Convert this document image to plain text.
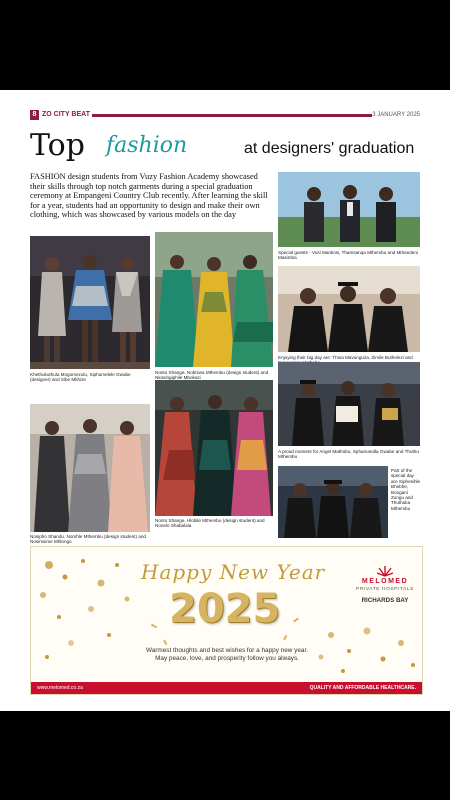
8 ZO CITY BEAT	3 JANUARY 2025
Top fashion	at designers' graduation

FASHION design students from Vuzy Fashion Academy showcased their skills through top notch garments during a special graduation ceremony at Empangeni Country Club recently. After learning the skill for a year, students had an opportunity to design and make their own clothing, which was showcased by various models on the day

Khethukuthula Mngomezulu, Siphumelele Gwabe (designer) and Sibe Mkhize

Nonto Shange, Nobizwa Mthembu (design student) and Nkosingiphile Mbokazi

Special guests - Vusi Mankosi, Thamsanqa Mthembu and Mthandeni Masimba

Enjoying their big day are: Thina Mavunguza, Zimile Buthelezi and

Nosipho Shandu, Nomhle Mthembu (design student) and Nosimsime Mhlongo

Nonto Shange, Hlobile Mthembu (design student) and Nonelo Shabalala

A proud moment for Angel Mathobo, Sphamandla Gwabe and Thuthu Mthembu

Part of the special day are Siphesihle Bhebhe, Bongani Zungu and Thuthuka Mthembu

Happy New Year
2025
Warmest thoughts and best wishes for a happy new year.
May peace, love, and prosperity follow you always.
MELOMED
PRIVATE HOSPITALS
RICHARDS BAY
www.melomed.co.za	QUALITY AND AFFORDABLE HEALTHCARE.
